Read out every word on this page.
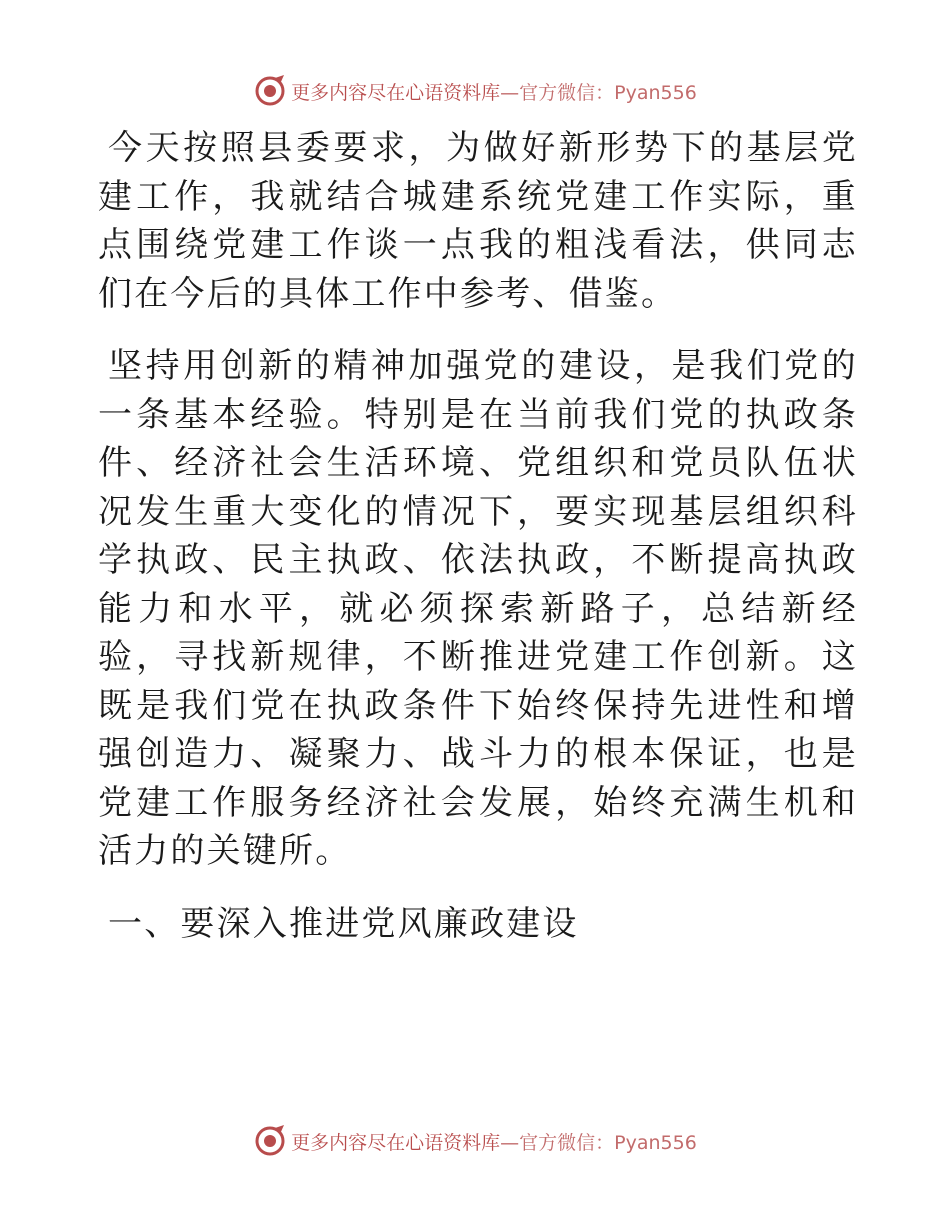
更多内容尽在心语资料库—官方微信：Pyan556

今天按照县委要求，为做好新形势下的基层党建工作，我就结合城建系统党建工作实际，重点围绕党建工作谈一点我的粗浅看法，供同志们在今后的具体工作中参考、借鉴。

坚持用创新的精神加强党的建设，是我们党的一条基本经验。特别是在当前我们党的执政条件、经济社会生活环境、党组织和党员队伍状况发生重大变化的情况下，要实现基层组织科学执政、民主执政、依法执政，不断提高执政能力和水平，就必须探索新路子，总结新经验，寻找新规律，不断推进党建工作创新。这既是我们党在执政条件下始终保持先进性和增强创造力、凝聚力、战斗力的根本保证，也是党建工作服务经济社会发展，始终充满生机和活力的关键所。

一、要深入推进党风廉政建设

更多内容尽在心语资料库—官方微信：Pyan556
